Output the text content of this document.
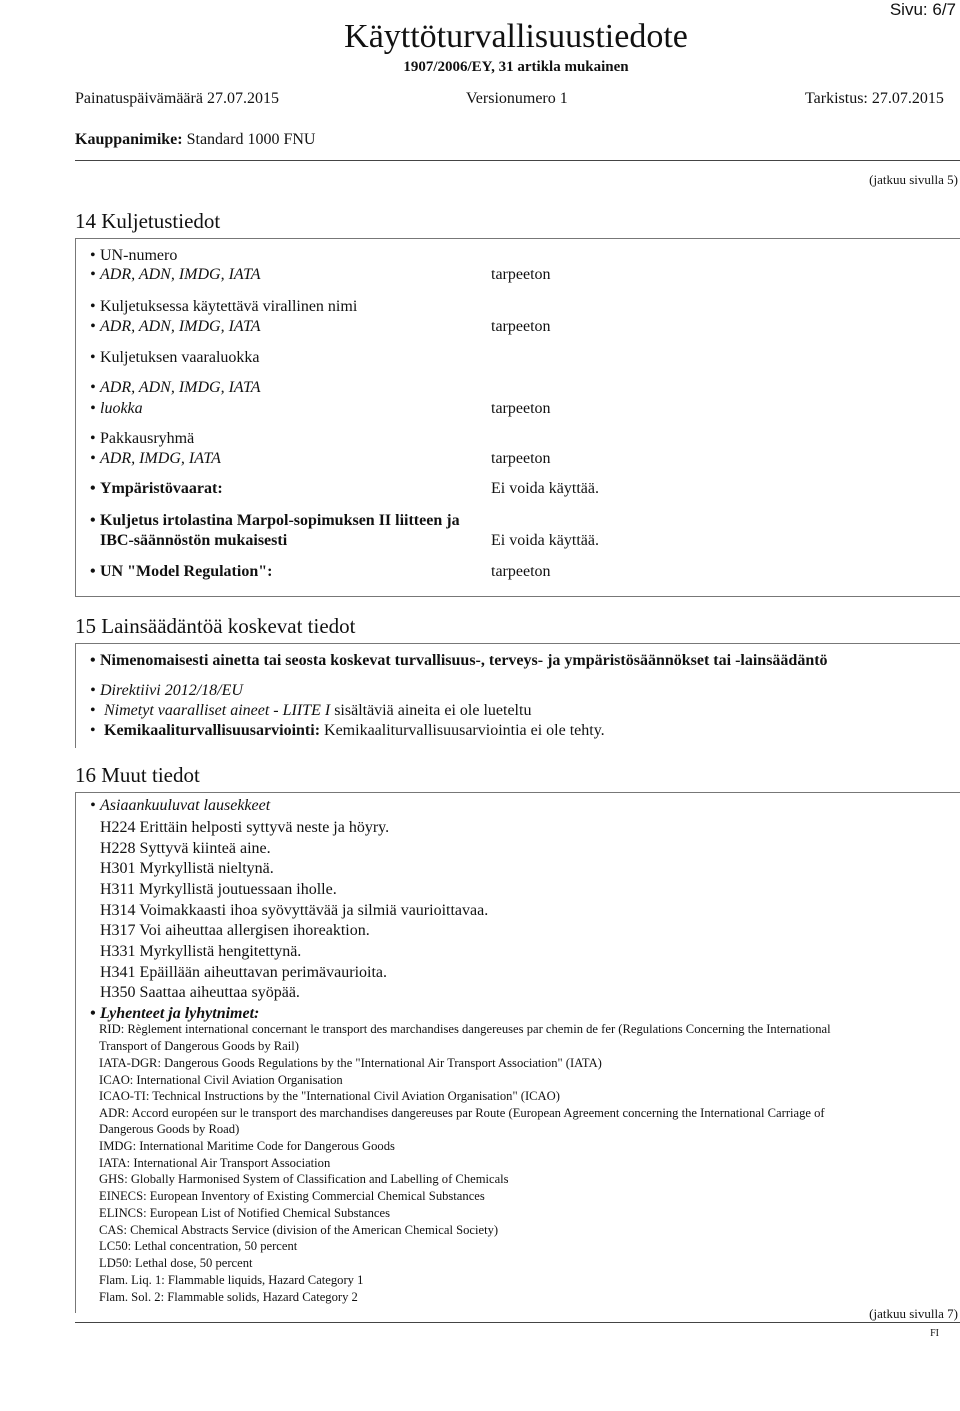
Sivu: 6/7
Käyttöturvallisuustiedote
1907/2006/EY, 31 artikla mukainen
Painatuspäivämäärä 27.07.2015	Versionumero 1	Tarkistus: 27.07.2015
Kauppanimike: Standard 1000 FNU
(jatkuu sivulla 5)
14 Kuljetustiedot
• UN-numero
• ADR, ADN, IMDG, IATA	tarpeeton
• Kuljetuksessa käytettävä virallinen nimi
• ADR, ADN, IMDG, IATA	tarpeeton
• Kuljetuksen vaaraluokka
• ADR, ADN, IMDG, IATA
• luokka	tarpeeton
• Pakkausryhmä
• ADR, IMDG, IATA	tarpeeton
• Ympäristövaarat:	Ei voida käyttää.
• Kuljetus irtolastina Marpol-sopimuksen II liitteen ja
IBC-säännöstön mukaisesti	Ei voida käyttää.
• UN "Model Regulation":	tarpeeton
15 Lainsäädäntöä koskevat tiedot
• Nimenomaisesti ainetta tai seosta koskevat turvallisuus-, terveys- ja ympäristösäännökset tai -lainsäädäntö
• Direktiivi 2012/18/EU
• Nimetyt vaaralliset aineet - LIITE I sisältäviä aineita ei ole lueteltu
• Kemikaaliturvallisuusarviointi: Kemikaaliturvallisuusarviointia ei ole tehty.
16 Muut tiedot
• Asiaankuuluvat lausekkeet
H224 Erittäin helposti syttyvä neste ja höyry.
H228 Syttyvä kiinteä aine.
H301 Myrkyllistä nieltynä.
H311 Myrkyllistä joutuessaan iholle.
H314 Voimakkaasti ihoa syövyttävää ja silmiä vaurioittavaa.
H317 Voi aiheuttaa allergisen ihoreaktion.
H331 Myrkyllistä hengitettynä.
H341 Epäillään aiheuttavan perimävaurioita.
H350 Saattaa aiheuttaa syöpää.
• Lyhenteet ja lyhytnimet:
RID: Règlement international concernant le transport des marchandises dangereuses par chemin de fer (Regulations Concerning the International
Transport of Dangerous Goods by Rail)
IATA-DGR: Dangerous Goods Regulations by the "International Air Transport Association" (IATA)
ICAO: International Civil Aviation Organisation
ICAO-TI: Technical Instructions by the "International Civil Aviation Organisation" (ICAO)
ADR: Accord européen sur le transport des marchandises dangereuses par Route (European Agreement concerning the International Carriage of
Dangerous Goods by Road)
IMDG: International Maritime Code for Dangerous Goods
IATA: International Air Transport Association
GHS: Globally Harmonised System of Classification and Labelling of Chemicals
EINECS: European Inventory of Existing Commercial Chemical Substances
ELINCS: European List of Notified Chemical Substances
CAS: Chemical Abstracts Service (division of the American Chemical Society)
LC50: Lethal concentration, 50 percent
LD50: Lethal dose, 50 percent
Flam. Liq. 1: Flammable liquids, Hazard Category 1
Flam. Sol. 2: Flammable solids, Hazard Category 2
(jatkuu sivulla 7)
FI
